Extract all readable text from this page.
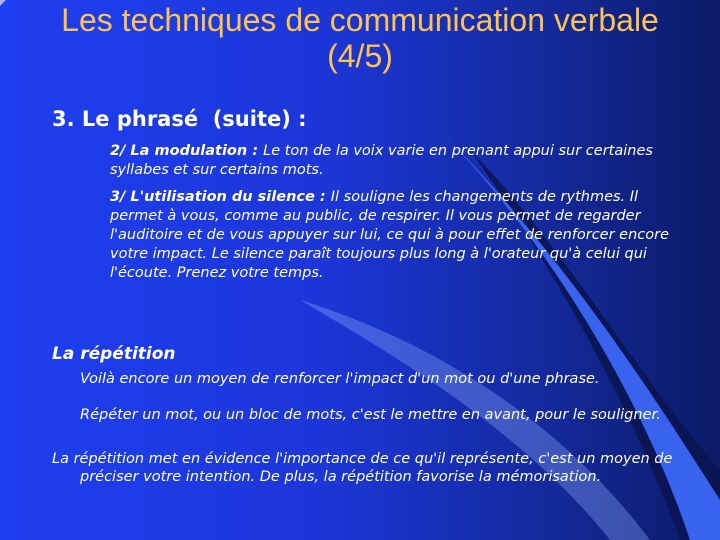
Les techniques de communication verbale (4/5)
3. Le phrasé  (suite) :
2/ La modulation : Le ton de la voix varie en prenant appui sur certaines syllabes et sur certains mots.
3/ L'utilisation du silence : Il souligne les changements de rythmes. Il permet à vous, comme au public, de respirer. Il vous permet de regarder l'auditoire et de vous appuyer sur lui, ce qui à pour effet de renforcer encore votre impact. Le silence paraît toujours plus long à l'orateur qu'à celui qui l'écoute. Prenez votre temps.
La répétition
Voilà encore un moyen de renforcer l'impact d'un mot ou d'une phrase.
Répéter un mot, ou un bloc de mots, c'est le mettre en avant, pour le souligner.
La répétition met en évidence l'importance de ce qu'il représente, c'est un moyen de préciser votre intention. De plus, la répétition favorise la mémorisation.
